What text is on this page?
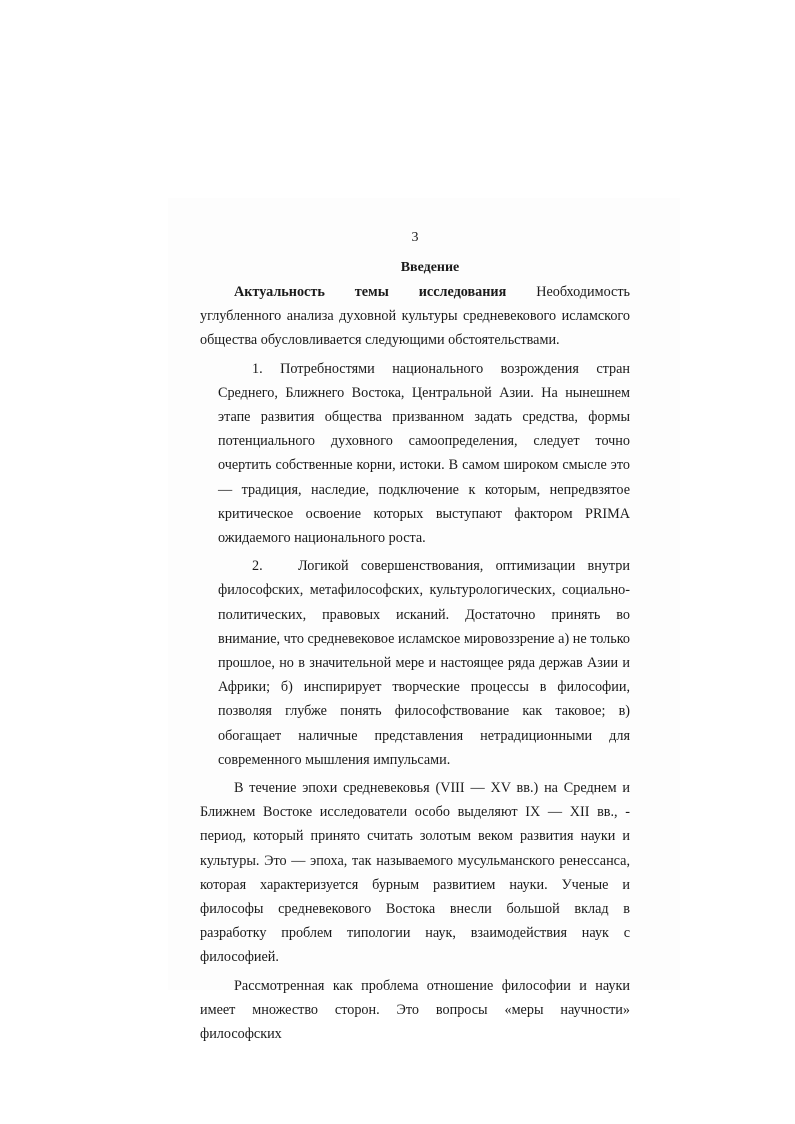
3
Введение

Актуальность темы исследования Необходимость углубленного анализа духовной культуры средневекового исламского общества обусловливается следующими обстоятельствами.

1. Потребностями национального возрождения стран Среднего, Ближнего Востока, Центральной Азии. На нынешнем этапе развития общества призванном задать средства, формы потенциального духовного самоопределения, следует точно очертить собственные корни, истоки. В самом широком смысле это — традиция, наследие, подключение к которым, непредвзятое критическое освоение которых выступают фактором PRIMA ожидаемого национального роста.

2. Логикой совершенствования, оптимизации внутри философских, метафилософских, культурологических, социально-политических, правовых исканий. Достаточно принять во внимание, что средневековое исламское мировоззрение а) не только прошлое, но в значительной мере и настоящее ряда держав Азии и Африки; б) инспирирует творческие процессы в философии, позволяя глубже понять философствование как таковое; в) обогащает наличные представления нетрадиционными для современного мышления импульсами.

В течение эпохи средневековья (VIII — XV вв.) на Среднем и Ближнем Востоке исследователи особо выделяют IX — XII вв., - период, который принято считать золотым веком развития науки и культуры. Это — эпоха, так называемого мусульманского ренессанса, которая характеризуется бурным развитием науки. Ученые и философы средневекового Востока внесли большой вклад в разработку проблем типологии наук, взаимодействия наук с философией.

Рассмотренная как проблема отношение философии и науки имеет множество сторон. Это вопросы «меры научности» философских
